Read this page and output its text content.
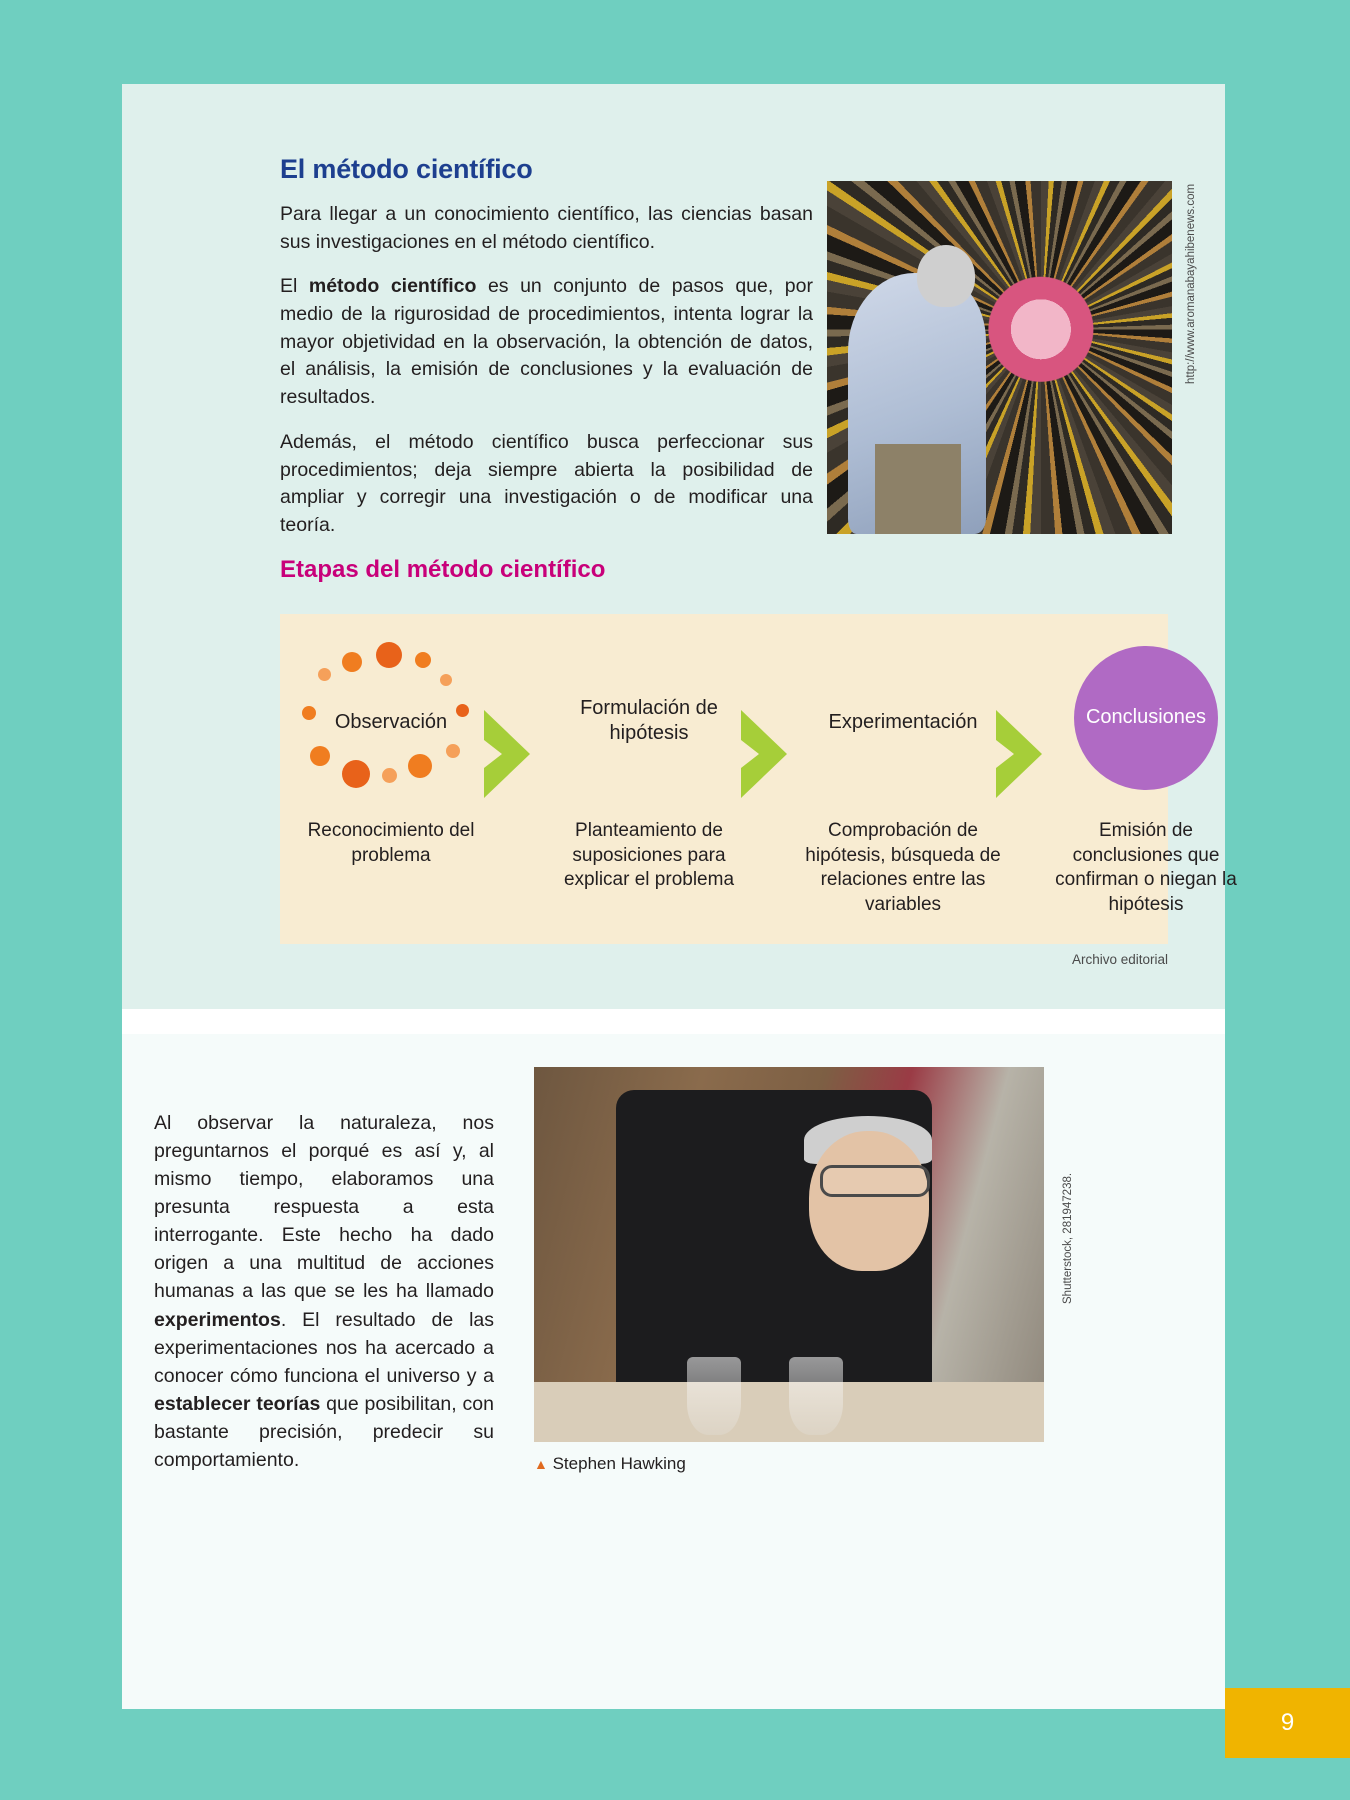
El método científico

Para llegar a un conocimiento científico, las ciencias basan sus investigaciones en el método científico.

El método científico es un conjunto de pasos que, por medio de la rigurosidad de procedimientos, intenta lograr la mayor objetividad en la observación, la obtención de datos, el análisis, la emisión de conclusiones y la evaluación de resultados.

Además, el método científico busca perfeccionar sus procedimientos; deja siempre abierta la posibilidad de ampliar y corregir una investigación o de modificar una teoría.

http://www.aromanabayahibenews.com
Etapas del método científico
Observación
Reconocimiento del problema
Formulación de hipótesis
Planteamiento de suposiciones para explicar el problema
Experimentación
Comprobación de hipótesis, búsqueda de relaciones entre las variables
Conclusiones
Emisión de conclusiones que confirman o niegan la hipótesis
Archivo editorial

Al observar la naturaleza, nos preguntarnos el porqué es así y, al mismo tiempo, elaboramos una presunta respuesta a esta interrogante. Este hecho ha dado origen a una multitud de acciones humanas a las que se les ha llamado experimentos. El resultado de las experimentaciones nos ha acercado a conocer cómo funciona el universo y a establecer teorías que posibilitan, con bastante precisión, predecir su comportamiento.	▲ Stephen Hawking
Shutterstock, 281947238.
9
